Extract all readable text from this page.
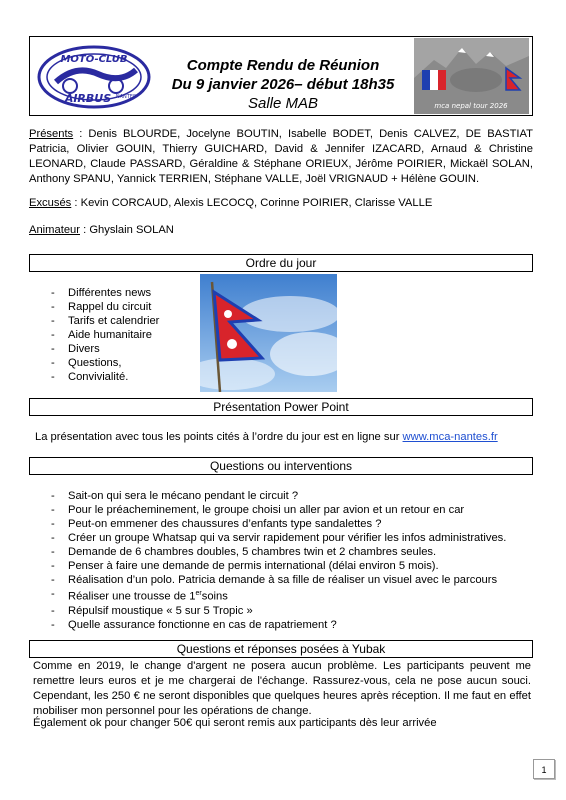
MOTO-CLUB
AIRBUS NANTES
Compte Rendu de Réunion
Du 9 janvier 2026– début 18h35
Salle MAB	mca nepal tour 2026
Présents : Denis BLOURDE, Jocelyne BOUTIN, Isabelle BODET, Denis CALVEZ, DE BASTIAT Patricia, Olivier GOUIN, Thierry GUICHARD, David & Jennifer IZACARD, Arnaud & Christine LEONARD, Claude PASSARD, Géraldine & Stéphane ORIEUX, Jérôme POIRIER, Mickaël SOLAN, Anthony SPANU, Yannick TERRIEN, Stéphane VALLE, Joël VRIGNAUD + Hélène GOUIN.
Excusés : Kevin CORCAUD, Alexis LECOCQ, Corinne POIRIER, Clarisse VALLE
Animateur : Ghyslain SOLAN
Ordre du jour
- Différentes news
- Rappel du circuit
- Tarifs et calendrier
- Aide humanitaire
- Divers
- Questions,
- Convivialité.
Présentation Power Point
La présentation avec tous les points cités à l’ordre du jour est en ligne sur www.mca-nantes.fr
Questions ou interventions
- Sait-on qui sera le mécano pendant le circuit ?
- Pour le préacheminement, le groupe choisi un aller par avion et un retour en car
- Peut-on emmener des chaussures d’enfants type sandalettes ?
- Créer un groupe Whatsap qui va servir rapidement pour vérifier les infos administratives.
- Demande de 6 chambres doubles, 5 chambres twin et 2 chambres seules.
- Penser à faire une demande de permis international (délai environ 5 mois).
- Réalisation d’un polo. Patricia demande à sa fille de réaliser un visuel avec le parcours
- Réaliser une trousse de 1ersoins
- Répulsif moustique « 5 sur 5 Tropic »
- Quelle assurance fonctionne en cas de rapatriement ?
Questions et réponses posées à Yubak
Comme en 2019, le change d'argent ne posera aucun problème. Les participants peuvent me remettre leurs euros et je me chargerai de l'échange. Rassurez-vous, cela ne pose aucun souci. Cependant, les 250 € ne seront disponibles que quelques heures après réception. Il me faut en effet mobiliser mon personnel pour les opérations de change.
Également ok pour changer 50€ qui seront remis aux participants dès leur arrivée
1
